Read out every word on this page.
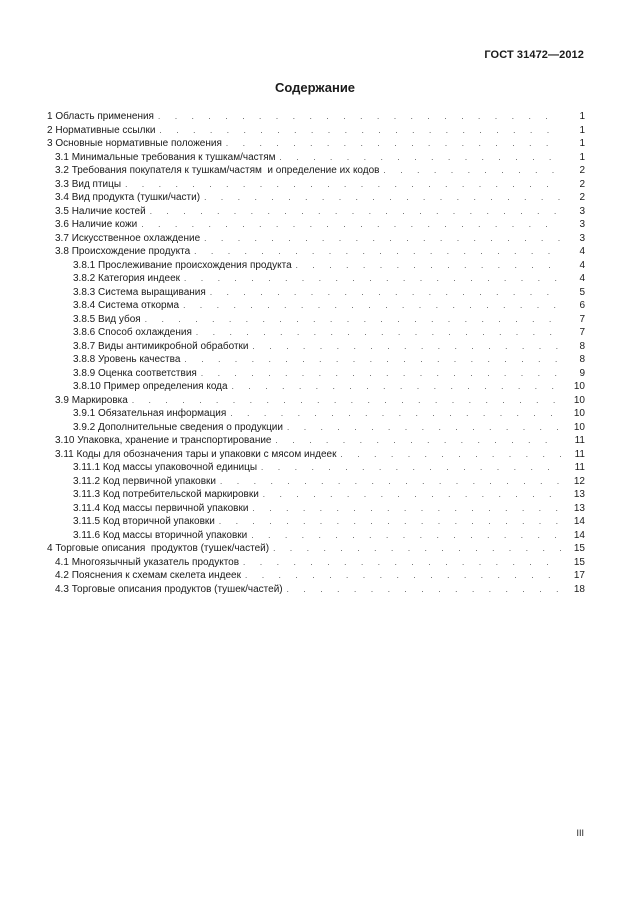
ГОСТ 31472—2012
Содержание
1 Область применения . . .	1
2 Нормативные ссылки . . .	1
3 Основные нормативные положения . . .	1
3.1 Минимальные требования к тушкам/частям . . .	1
3.2 Требования покупателя к тушкам/частям  и определение их кодов . . .	2
3.3 Вид птицы . . .	2
3.4 Вид продукта (тушки/части) . . .	2
3.5 Наличие костей . . .	3
3.6 Наличие кожи . . .	3
3.7 Искусственное охлаждение . . .	3
3.8 Происхождение продукта . . .	4
3.8.1 Прослеживание происхождения продукта . . .	4
3.8.2 Категория индеек . . .	4
3.8.3 Система выращивания . . .	5
3.8.4 Система откорма . . .	6
3.8.5 Вид убоя . . .	7
3.8.6 Способ охлаждения . . .	7
3.8.7 Виды антимикробной обработки . . .	8
3.8.8 Уровень качества . . .	8
3.8.9 Оценка соответствия . . .	9
3.8.10 Пример определения кода . . .	10
3.9 Маркировка . . .	10
3.9.1 Обязательная информация . . .	10
3.9.2 Дополнительные сведения о продукции . . .	10
3.10 Упаковка, хранение и транспортирование . . .	11
3.11 Коды для обозначения тары и упаковки с мясом индеек . . .	11
3.11.1 Код массы упаковочной единицы . . .	11
3.11.2 Код первичной упаковки . . .	12
3.11.3 Код потребительской маркировки . . .	13
3.11.4 Код массы первичной упаковки . . .	13
3.11.5 Код вторичной упаковки . . .	14
3.11.6 Код массы вторичной упаковки . . .	14
4 Торговые описания  продуктов (тушек/частей) . . .	15
4.1 Многоязычный указатель продуктов . . .	15
4.2 Пояснения к схемам скелета индеек . . .	17
4.3 Торговые описания продуктов (тушек/частей) . . .	18
III
